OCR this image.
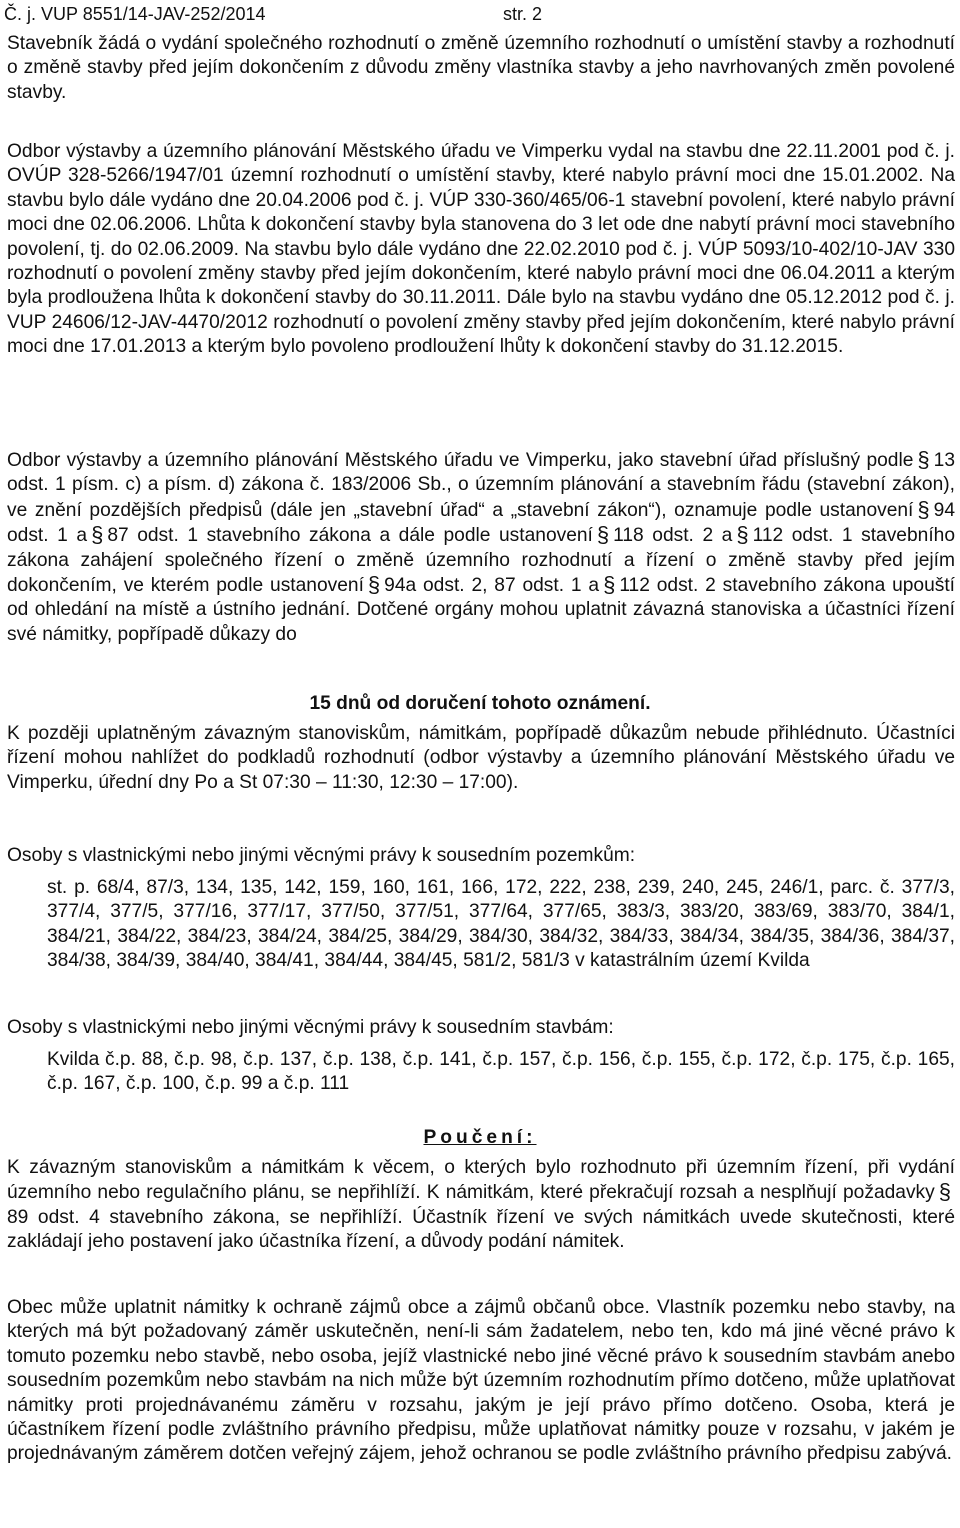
Č. j. VUP 8551/14-JAV-252/2014	str. 2

Stavebník žádá o vydání společného rozhodnutí o změně územního rozhodnutí o umístění stavby a rozhodnutí o změně stavby před jejím dokončením z důvodu změny vlastníka stavby a jeho navrhovaných změn povolené stavby.

Odbor výstavby a územního plánování Městského úřadu ve Vimperku vydal na stavbu dne 22.11.2001 pod č. j. OVÚP 328-5266/1947/01 územní rozhodnutí o umístění stavby, které nabylo právní moci dne 15.01.2002. Na stavbu bylo dále vydáno dne 20.04.2006 pod č. j. VÚP 330-360/465/06-1 stavební povolení, které nabylo právní moci dne 02.06.2006. Lhůta k dokončení stavby byla stanovena do 3 let ode dne nabytí právní moci stavebního povolení, tj. do 02.06.2009. Na stavbu bylo dále vydáno dne 22.02.2010 pod č. j. VÚP 5093/10-402/10-JAV 330 rozhodnutí o povolení změny stavby před jejím dokončením, které nabylo právní moci dne 06.04.2011 a kterým byla prodloužena lhůta k dokončení stavby do 30.11.2011. Dále bylo na stavbu vydáno dne 05.12.2012 pod č. j. VUP 24606/12-JAV-4470/2012 rozhodnutí o povolení změny stavby před jejím dokončením, které nabylo právní moci dne 17.01.2013 a kterým bylo povoleno prodloužení lhůty k dokončení stavby do 31.12.2015.

Odbor výstavby a územního plánování Městského úřadu ve Vimperku, jako stavební úřad příslušný podle § 13 odst. 1 písm. c) a písm. d) zákona č. 183/2006 Sb., o územním plánování a stavebním řádu (stavební zákon), ve znění pozdějších předpisů (dále jen „stavební úřad“ a „stavební zákon“), oznamuje podle ustanovení § 94 odst. 1 a § 87 odst. 1 stavebního zákona a dále podle ustanovení § 118 odst. 2 a § 112 odst. 1 stavebního zákona zahájení společného řízení o změně územního rozhodnutí a řízení o změně stavby před jejím dokončením, ve kterém podle ustanovení § 94a odst. 2, 87 odst. 1 a § 112 odst. 2 stavebního zákona upouští od ohledání na místě a ústního jednání. Dotčené orgány mohou uplatnit závazná stanoviska a účastníci řízení své námitky, popřípadě důkazy do

15 dnů od doručení tohoto oznámení.

K později uplatněným závazným stanoviskům, námitkám, popřípadě důkazům nebude přihlédnuto. Účastníci řízení mohou nahlížet do podkladů rozhodnutí (odbor výstavby a územního plánování Městského úřadu ve Vimperku, úřední dny Po a St 07:30 – 11:30, 12:30 – 17:00).

Osoby s vlastnickými nebo jinými věcnými právy k sousedním pozemkům:

st. p. 68/4, 87/3, 134, 135, 142, 159, 160, 161, 166, 172, 222, 238, 239, 240, 245, 246/1, parc. č. 377/3, 377/4, 377/5, 377/16, 377/17, 377/50, 377/51, 377/64, 377/65, 383/3, 383/20, 383/69, 383/70, 384/1, 384/21, 384/22, 384/23, 384/24, 384/25, 384/29, 384/30, 384/32, 384/33, 384/34, 384/35, 384/36, 384/37, 384/38, 384/39, 384/40, 384/41, 384/44, 384/45, 581/2, 581/3 v katastrálním území Kvilda

Osoby s vlastnickými nebo jinými věcnými právy k sousedním stavbám:

Kvilda č.p. 88, č.p. 98, č.p. 137, č.p. 138, č.p. 141, č.p. 157, č.p. 156, č.p. 155, č.p. 172, č.p. 175, č.p. 165, č.p. 167, č.p. 100, č.p. 99 a č.p. 111

Poučení:

K závazným stanoviskům a námitkám k věcem, o kterých bylo rozhodnuto při územním řízení, při vydání územního nebo regulačního plánu, se nepřihlíží. K námitkám, které překračují rozsah a nesplňují požadavky §89 odst. 4 stavebního zákona, se nepřihlíží. Účastník řízení ve svých námitkách uvede skutečnosti, které zakládají jeho postavení jako účastníka řízení, a důvody podání námitek.

Obec může uplatnit námitky k ochraně zájmů obce a zájmů občanů obce. Vlastník pozemku nebo stavby, na kterých má být požadovaný záměr uskutečněn, není-li sám žadatelem, nebo ten, kdo má jiné věcné právo k tomuto pozemku nebo stavbě, nebo osoba, jejíž vlastnické nebo jiné věcné právo k sousedním stavbám anebo sousedním pozemkům nebo stavbám na nich může být územním rozhodnutím přímo dotčeno, může uplatňovat námitky proti projednávanému záměru v rozsahu, jakým je její právo přímo dotčeno. Osoba, která je účastníkem řízení podle zvláštního právního předpisu, může uplatňovat námitky pouze v rozsahu, v jakém je projednávaným záměrem dotčen veřejný zájem, jehož ochranou se podle zvláštního právního předpisu zabývá.
